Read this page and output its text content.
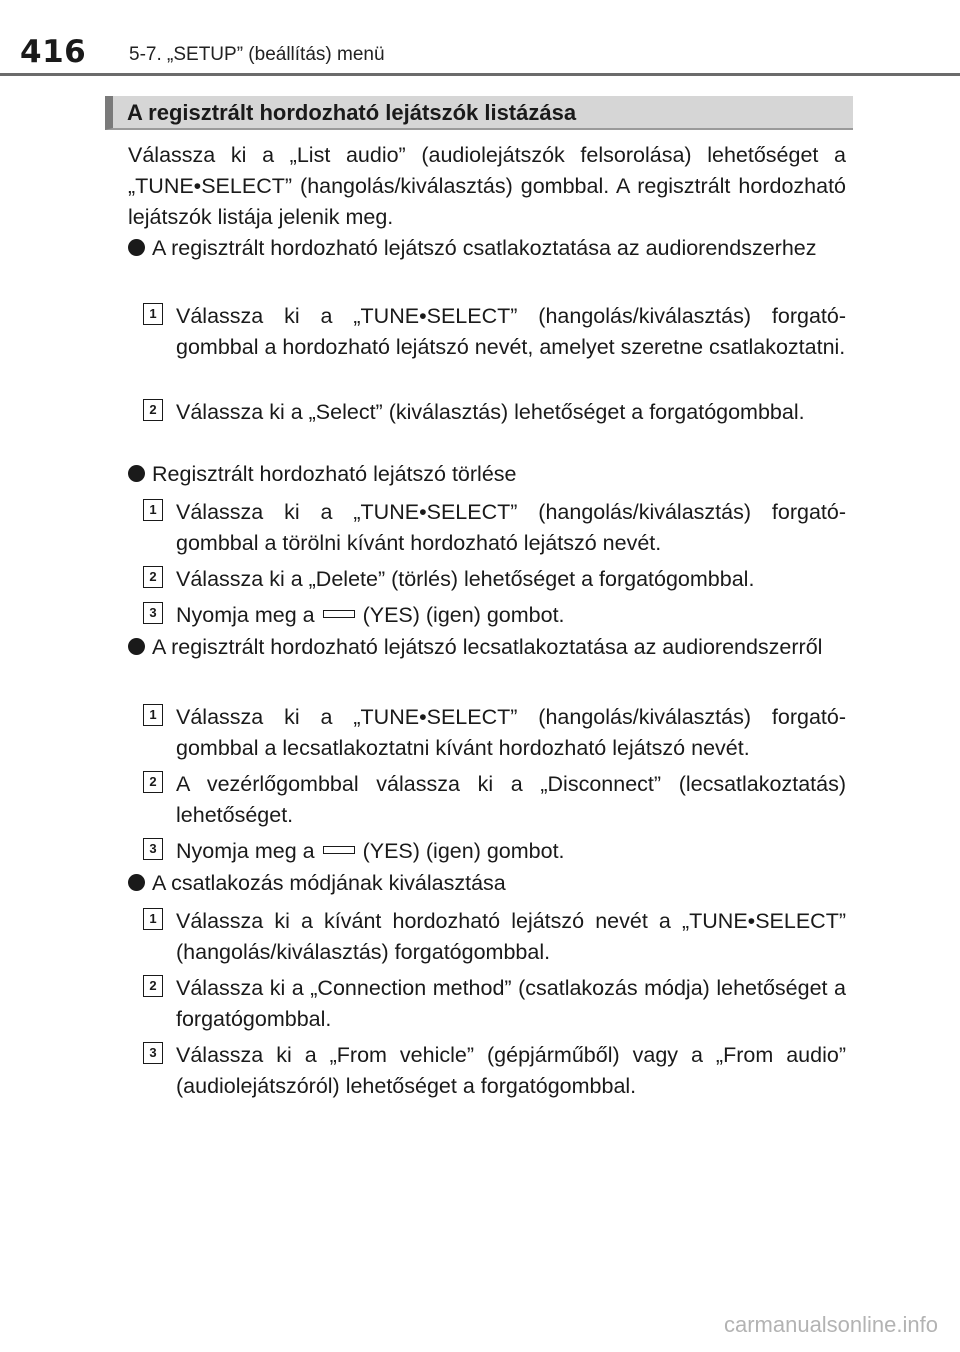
416 5-7. „SETUP” (beállítás) menü
A regisztrált hordozható lejátszók listázása
Válassza ki a „List audio” (audiolejátszók felsorolása) lehetőséget a „TUNE•SELECT” (hangolás/kiválasztás) gombbal. A regisztrált hordozható lejátszók listája jelenik meg.
A regisztrált hordozható lejátszó csatlakoztatása az audiorendszerhez
1 Válassza ki a „TUNE•SELECT” (hangolás/kiválasztás) forgatógombbal a hordozható lejátszó nevét, amelyet szeretne csatlakoztatni.
2 Válassza ki a „Select” (kiválasztás) lehetőséget a forgatógombbal.
Regisztrált hordozható lejátszó törlése
1 Válassza ki a „TUNE•SELECT” (hangolás/kiválasztás) forgatógombbal a törölni kívánt hordozható lejátszó nevét.
2 Válassza ki a „Delete” (törlés) lehetőséget a forgatógombbal.
3 Nyomja meg a (YES) (igen) gombot.
A regisztrált hordozható lejátszó lecsatlakoztatása az audiorendszerről
1 Válassza ki a „TUNE•SELECT” (hangolás/kiválasztás) forgatógombbal a lecsatlakoztatni kívánt hordozható lejátszó nevét.
2 A vezérlőgombbal válassza ki a „Disconnect” (lecsatlakoztatás) lehetőséget.
3 Nyomja meg a (YES) (igen) gombot.
A csatlakozás módjának kiválasztása
1 Válassza ki a kívánt hordozható lejátszó nevét a „TUNE•SELECT” (hangolás/kiválasztás) forgatógombbal.
2 Válassza ki a „Connection method” (csatlakozás módja) lehetőséget a forgatógombbal.
3 Válassza ki a „From vehicle” (gépjárműből) vagy a „From audio” (audiolejátszóról) lehetőséget a forgatógombbal.
carmanualsonline.info
